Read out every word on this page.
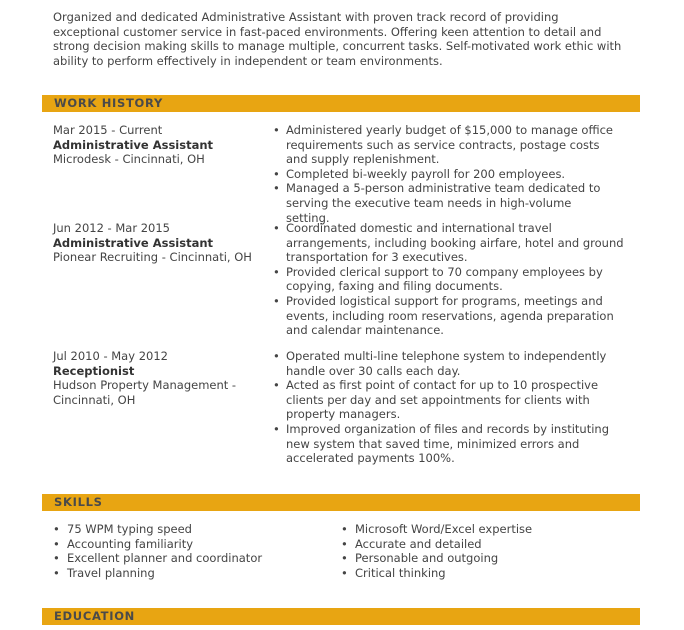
Organized and dedicated Administrative Assistant with proven track record of providing exceptional customer service in fast-paced environments. Offering keen attention to detail and strong decision making skills to manage multiple, concurrent tasks. Self-motivated work ethic with ability to perform effectively in independent or team environments.

WORK HISTORY
Mar 2015 - Current
Administrative Assistant
Microdesk - Cincinnati, OH
• Administered yearly budget of $15,000 to manage office requirements such as service contracts, postage costs and supply replenishment.
• Completed bi-weekly payroll for 200 employees.
• Managed a 5-person administrative team dedicated to serving the executive team needs in high-volume setting.
Jun 2012 - Mar 2015
Administrative Assistant
Pionear Recruiting - Cincinnati, OH
• Coordinated domestic and international travel arrangements, including booking airfare, hotel and ground transportation for 3 executives.
• Provided clerical support to 70 company employees by copying, faxing and filing documents.
• Provided logistical support for programs, meetings and events, including room reservations, agenda preparation and calendar maintenance.
Jul 2010 - May 2012
Receptionist
Hudson Property Management - Cincinnati, OH
• Operated multi-line telephone system to independently handle over 30 calls each day.
• Acted as first point of contact for up to 10 prospective clients per day and set appointments for clients with property managers.
• Improved organization of files and records by instituting new system that saved time, minimized errors and accelerated payments 100%.
SKILLS
• 75 WPM typing speed
• Accounting familiarity
• Excellent planner and coordinator
• Travel planning
• Microsoft Word/Excel expertise
• Accurate and detailed
• Personable and outgoing
• Critical thinking
EDUCATION
